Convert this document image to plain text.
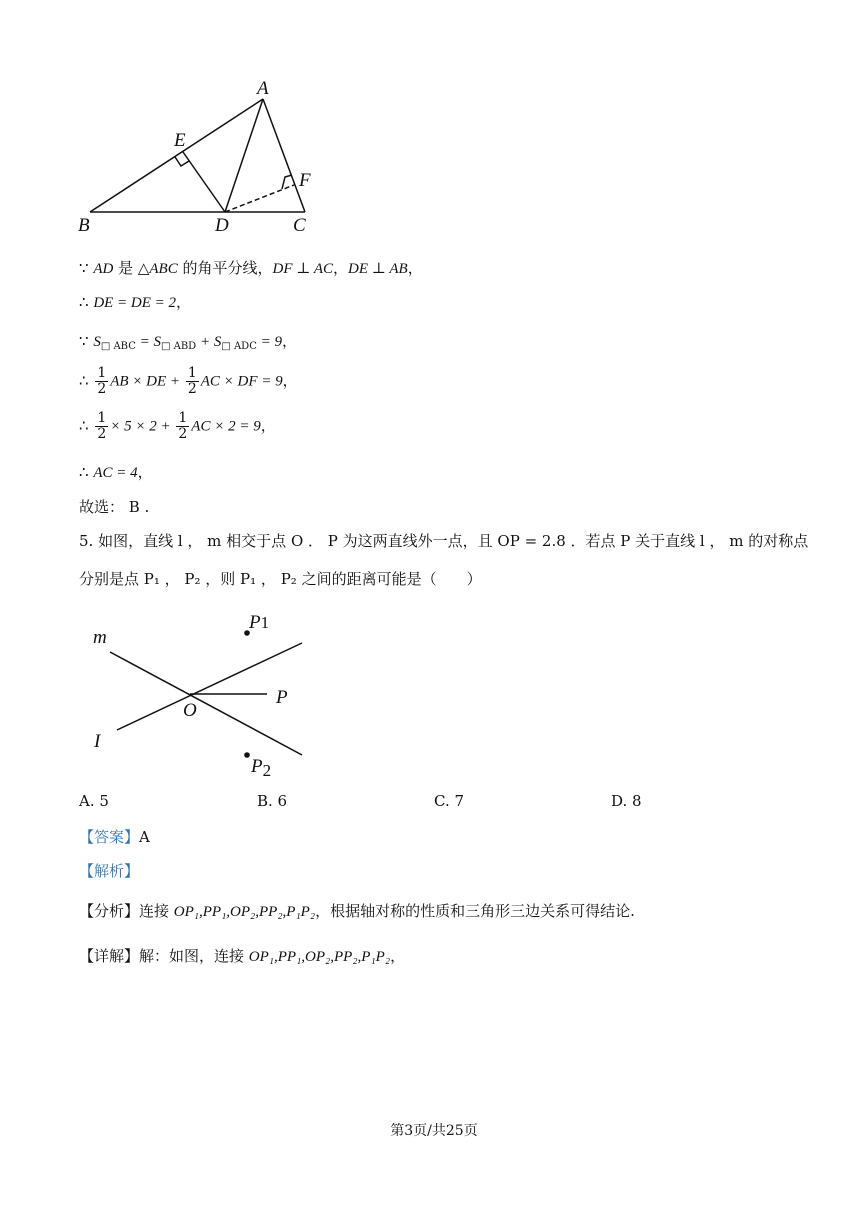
A
B	C
D
E
F
∵ AD 是 △ABC 的角平分线，DF ⊥ AC，DE ⊥ AB，
∴ DE = DE = 2，
∵ $S_{□ ABC} = S_{□ ABD} + S_{□ ADC} = 9$，
∴ $\frac{1}{2}$ AB × DE + $\frac{1}{2}$ AC × DF = 9，
∴ $\frac{1}{2} \times 5 \times 2 + \frac{1}{2}$ AC × 2 = 9，
∴ AC = 4，
故选： B .
5. 如图，直线 l ， m 相交于点 O ． P 为这两直线外一点，且 OP = 2.8 ．若点 P 关于直线 l ， m 的对称点
分别是点 P₁ ， P₂ ，则 P₁ ， P₂ 之间的距离可能是（　　）
m
I
O
P
P1
P2
A. 5	B. 6	C. 7	D. 8
【答案】A
【解析】
【分析】连接 OP₁,PP₁,OP₂,PP₂,P₁P₂，根据轴对称的性质和三角形三边关系可得结论.
【详解】解：如图，连接 OP₁,PP₁,OP₂,PP₂,P₁P₂，
第3页/共25页
